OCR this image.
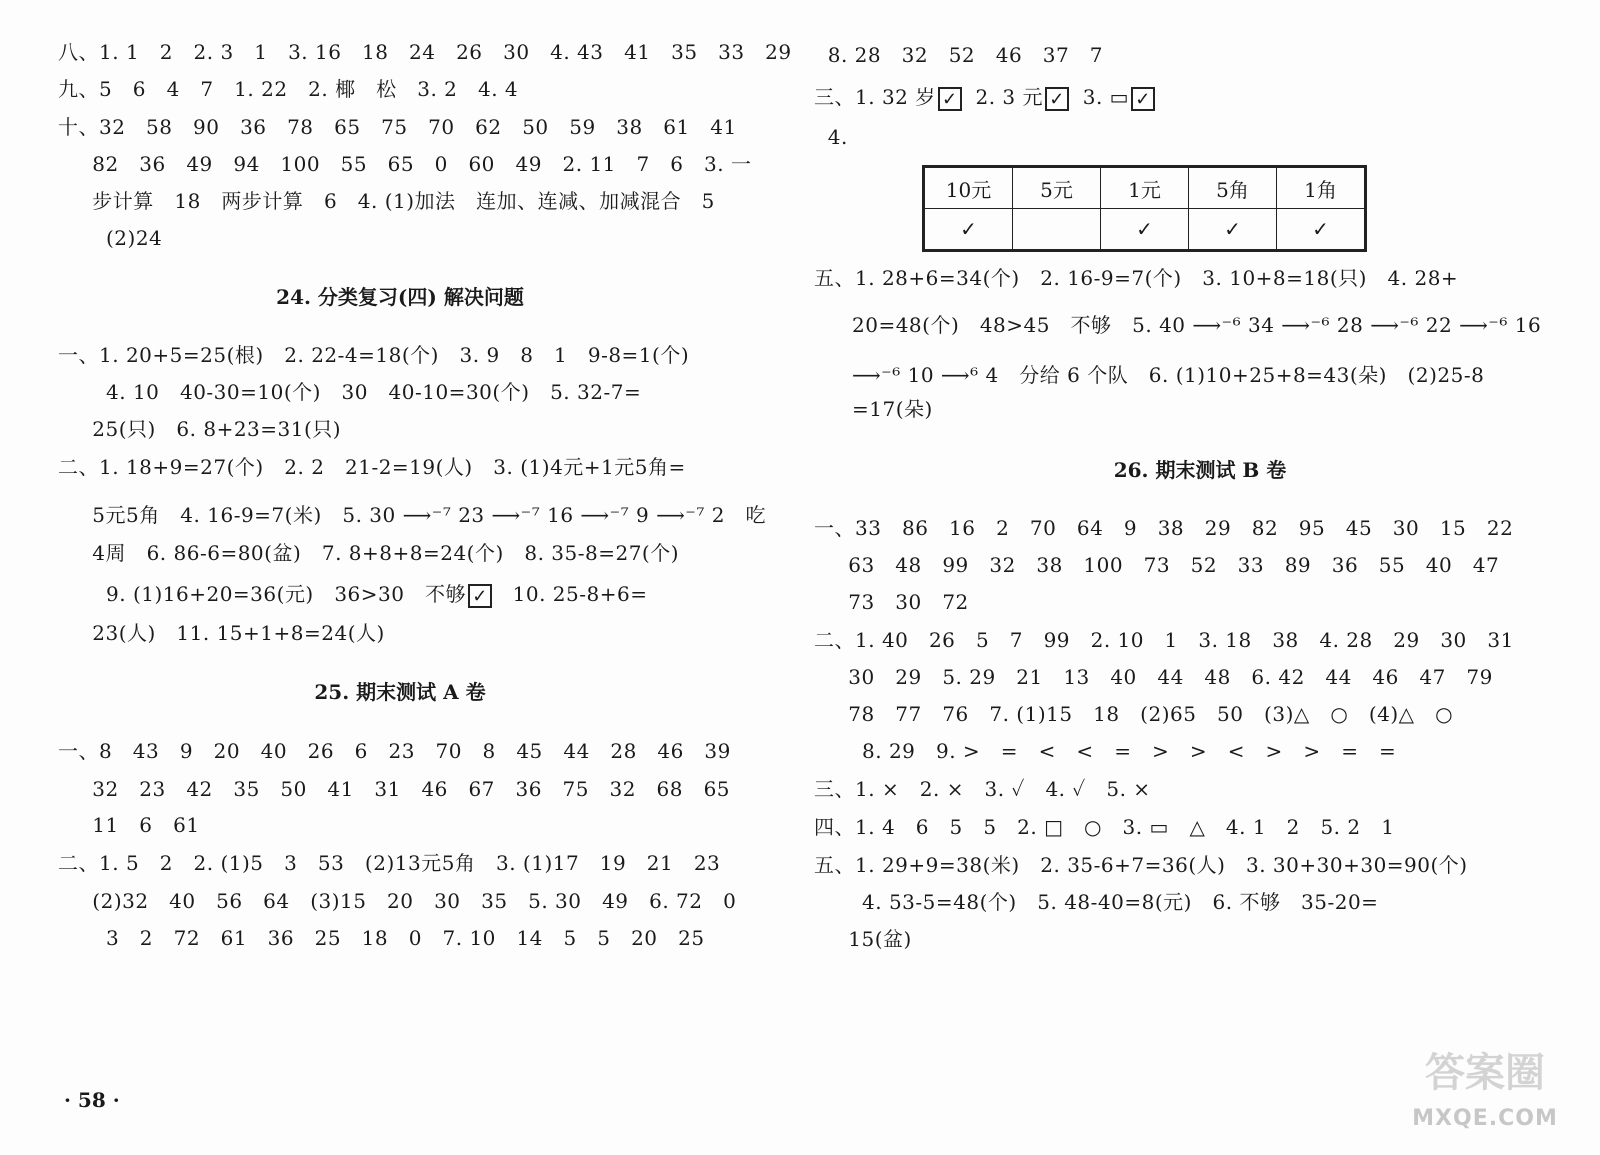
八、1. 1   2   2. 3   1   3. 16   18   24   26   30   4. 43   41   35   33   29
九、5   6   4   7   1. 22   2. 椰   松   3. 2   4. 4
十、32   58   90   36   78   65   75   70   62   50   59   38   61   41
82   36   49   94   100   55   65   0   60   49   2. 11   7   6   3. 一
步计算   18   两步计算   6   4. (1)加法   连加、连减、加减混合   5
(2)24
24. 分类复习(四) 解决问题
一、1. 20+5=25(根)   2. 22-4=18(个)   3. 9   8   1   9-8=1(个)
4. 10   40-30=10(个)   30   40-10=30(个)   5. 32-7=
25(只)   6. 8+23=31(只)
二、1. 18+9=27(个)   2. 2   21-2=19(人)   3. (1)4元+1元5角=
5元5角   4. 16-9=7(米)   5. 30 ⟶⁻⁷ 23 ⟶⁻⁷ 16 ⟶⁻⁷ 9 ⟶⁻⁷ 2   吃
4周   6. 86-6=80(盆)   7. 8+8+8=24(个)   8. 35-8=27(个)
9. (1)16+20=36(元)   36>30   不够 ✓   10. 25-8+6=
23(人)   11. 15+1+8=24(人)
25. 期末测试 A 卷
一、8   43   9   20   40   26   6   23   70   8   45   44   28   46   39
32   23   42   35   50   41   31   46   67   36   75   32   68   65
11   6   61
二、1. 5   2   2. (1)5   3   53   (2)13元5角   3. (1)17   19   21   23
(2)32   40   56   64   (3)15   20   30   35   5. 30   49   6. 72   0
3   2   72   61   36   25   18   0   7. 10   14   5   5   20   25
· 58 ·
8. 28   32   52   46   37   7
三、1. 32 岁 ✓  2. 3 元 ✓  3. ▭ ✓
4.
10元	5元	1元	5角	1角
✓		✓	✓	✓
五、1. 28+6=34(个)   2. 16-9=7(个)   3. 10+8=18(只)   4. 28+
20=48(个)   48>45   不够   5. 40 ⟶⁻⁶ 34 ⟶⁻⁶ 28 ⟶⁻⁶ 22 ⟶⁻⁶ 16
⟶⁻⁶ 10 ⟶⁶ 4   分给 6 个队   6. (1)10+25+8=43(朵)   (2)25-8
=17(朵)
26. 期末测试 B 卷
一、33   86   16   2   70   64   9   38   29   82   95   45   30   15   22
63   48   99   32   38   100   73   52   33   89   36   55   40   47
73   30   72
二、1. 40   26   5   7   99   2. 10   1   3. 18   38   4. 28   29   30   31
30   29   5. 29   21   13   40   44   48   6. 42   44   46   47   79
78   77   76   7. (1)15   18   (2)65   50   (3)△   ○   (4)△   ○
8. 29   9. >   =   <   <   =   >   >   <   >   >   =   =
三、1. ×   2. ×   3. ✓   4. ✓   5. ×
四、1. 4   6   5   5   2. □   ○   3. ▭   △   4. 1   2   5. 2   1
五、1. 29+9=38(米)   2. 35-6+7=36(人)   3. 30+30+30=90(个)
4. 53-5=48(个)   5. 48-40=8(元)   6. 不够   35-20=
15(盆)
答案圈
MXQE.COM
